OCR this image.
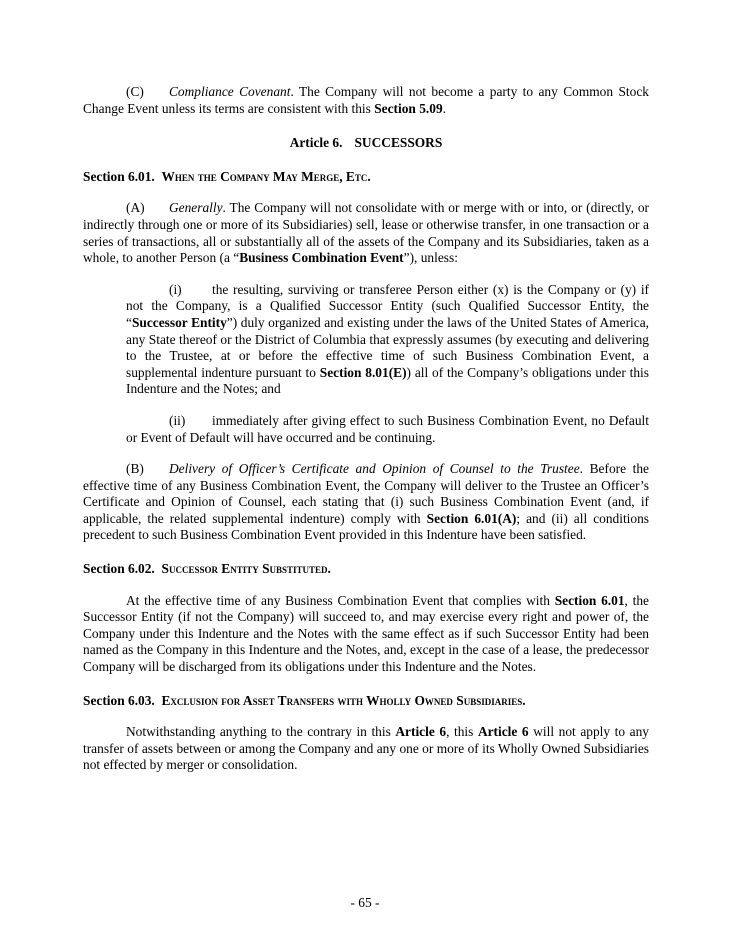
(C) Compliance Covenant. The Company will not become a party to any Common Stock Change Event unless its terms are consistent with this Section 5.09.

Article 6. SUCCESSORS

Section 6.01. When the Company May Merge, Etc.

(A) Generally. The Company will not consolidate with or merge with or into, or (directly, or indirectly through one or more of its Subsidiaries) sell, lease or otherwise transfer, in one transaction or a series of transactions, all or substantially all of the assets of the Company and its Subsidiaries, taken as a whole, to another Person (a “Business Combination Event”), unless:

(i) the resulting, surviving or transferee Person either (x) is the Company or (y) if not the Company, is a Qualified Successor Entity (such Qualified Successor Entity, the “Successor Entity”) duly organized and existing under the laws of the United States of America, any State thereof or the District of Columbia that expressly assumes (by executing and delivering to the Trustee, at or before the effective time of such Business Combination Event, a supplemental indenture pursuant to Section 8.01(E)) all of the Company’s obligations under this Indenture and the Notes; and

(ii) immediately after giving effect to such Business Combination Event, no Default or Event of Default will have occurred and be continuing.

(B) Delivery of Officer’s Certificate and Opinion of Counsel to the Trustee. Before the effective time of any Business Combination Event, the Company will deliver to the Trustee an Officer’s Certificate and Opinion of Counsel, each stating that (i) such Business Combination Event (and, if applicable, the related supplemental indenture) comply with Section 6.01(A); and (ii) all conditions precedent to such Business Combination Event provided in this Indenture have been satisfied.

Section 6.02. Successor Entity Substituted.

At the effective time of any Business Combination Event that complies with Section 6.01, the Successor Entity (if not the Company) will succeed to, and may exercise every right and power of, the Company under this Indenture and the Notes with the same effect as if such Successor Entity had been named as the Company in this Indenture and the Notes, and, except in the case of a lease, the predecessor Company will be discharged from its obligations under this Indenture and the Notes.

Section 6.03. Exclusion for Asset Transfers with Wholly Owned Subsidiaries.

Notwithstanding anything to the contrary in this Article 6, this Article 6 will not apply to any transfer of assets between or among the Company and any one or more of its Wholly Owned Subsidiaries not effected by merger or consolidation.

- 65 -
